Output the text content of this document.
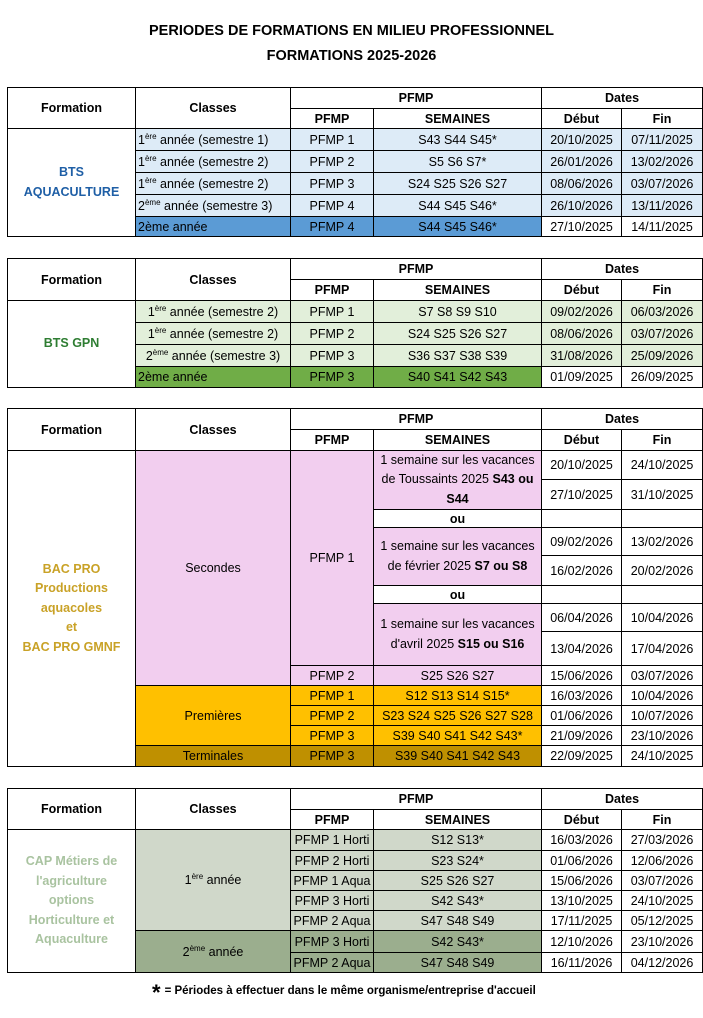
PERIODES DE FORMATIONS EN MILIEU PROFESSIONNEL
FORMATIONS 2025-2026
Formation	Classes	PFMP		Dates	
		PFMP	SEMAINES	Début	Fin
BTS AQUACULTURE	1ère année (semestre 1)	PFMP 1	S43 S44 S45*	20/10/2025	07/11/2025
	1ère année (semestre 2)	PFMP 2	S5 S6 S7*	26/01/2026	13/02/2026
	1ère année (semestre 2)	PFMP 3	S24 S25 S26 S27	08/06/2026	03/07/2026
	2ème année (semestre 3)	PFMP 4	S44 S45 S46*	26/10/2026	13/11/2026
	2ème année	PFMP 4	S44 S45 S46*	27/10/2025	14/11/2025
Formation	Classes	PFMP		Dates	
		PFMP	SEMAINES	Début	Fin
BTS GPN	1ère année (semestre 2)	PFMP 1	S7 S8 S9 S10	09/02/2026	06/03/2026
	1ère année (semestre 2)	PFMP 2	S24 S25 S26 S27	08/06/2026	03/07/2026
	2ème année (semestre 3)	PFMP 3	S36 S37 S38 S39	31/08/2026	25/09/2026
	2ème année	PFMP 3	S40 S41 S42 S43	01/09/2025	26/09/2025
Formation	Classes	PFMP		Dates	
		PFMP	SEMAINES	Début	Fin
BAC PRO
Productions
aquacoles
et
BAC PRO GMNF	Secondes	PFMP 1	1 semaine sur les vacances de Toussaints 2025 S43 ou S44	20/10/2025	24/10/2025
				27/10/2025	31/10/2025
			ou		
			1 semaine sur les vacances de février 2025 S7 ou S8	09/02/2026	13/02/2026
				16/02/2026	20/02/2026
			ou		
			1 semaine sur les vacances d'avril 2025 S15 ou S16	06/04/2026	10/04/2026
				13/04/2026	17/04/2026

		PFMP 2	S25 S26 S27	15/06/2026	03/07/2026
	Premières	PFMP 1	S12 S13 S14 S15*	16/03/2026	10/04/2026
		PFMP 2	S23 S24 S25 S26 S27 S28	01/06/2026	10/07/2026
		PFMP 3	S39 S40 S41 S42 S43*	21/09/2026	23/10/2026
	Terminales	PFMP 3	S39 S40 S41 S42 S43	22/09/2025	24/10/2025
Formation	Classes	PFMP		Dates	
		PFMP	SEMAINES	Début	Fin
CAP Métiers de
l'agriculture
options
Horticulture et
Aquaculture	1ère année	PFMP 1 Horti	S12 S13*	16/03/2026	27/03/2026
		PFMP 2 Horti	S23 S24*	01/06/2026	12/06/2026
		PFMP 1 Aqua	S25 S26 S27	15/06/2026	03/07/2026
		PFMP 3 Horti	S42 S43*	13/10/2025	24/10/2025
		PFMP 2 Aqua	S47 S48 S49	17/11/2025	05/12/2025
	2ème année	PFMP 3 Horti	S42 S43*	12/10/2026	23/10/2026
		PFMP 2 Aqua	S47 S48 S49	16/11/2026	04/12/2026
* = Périodes à effectuer dans le même organisme/entreprise d'accueil
